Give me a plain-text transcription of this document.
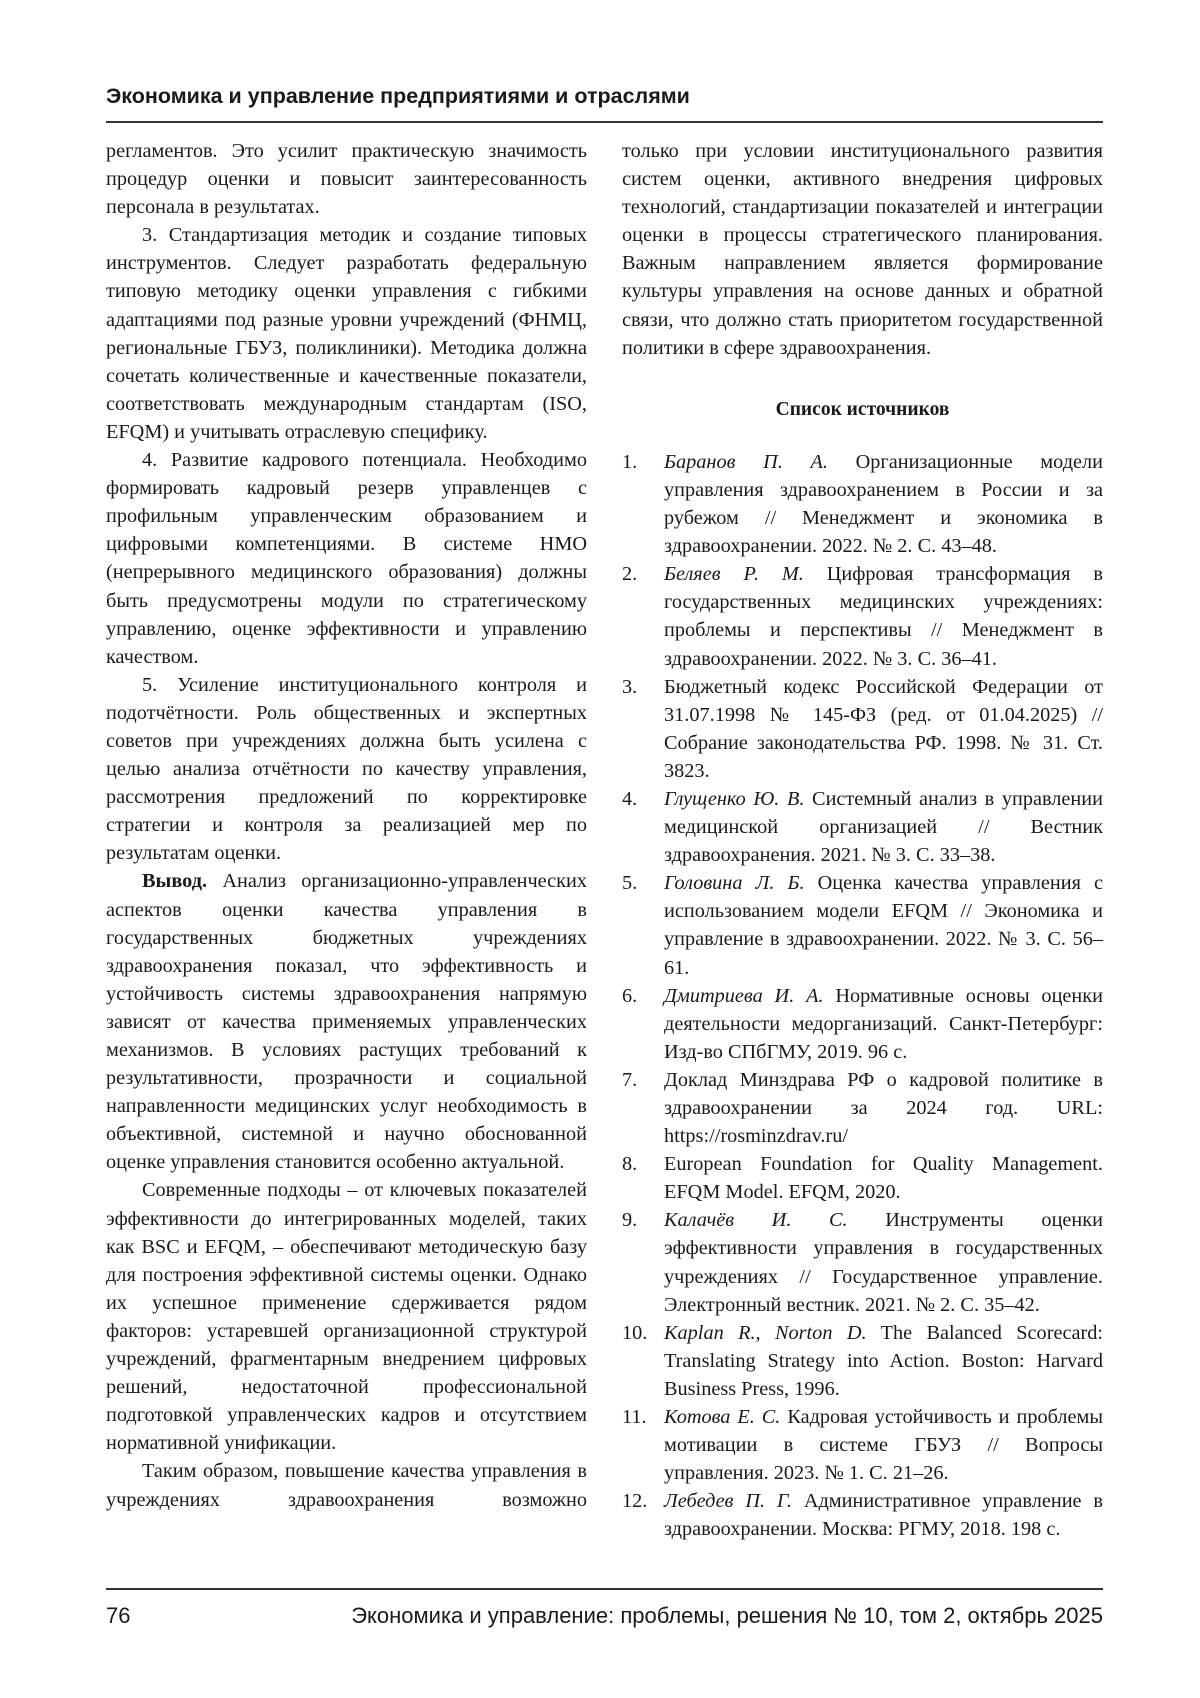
Экономика и управление предприятиями и отраслями

регламентов. Это усилит практическую значимость процедур оценки и повысит заинтересованность персонала в результатах.

3. Стандартизация методик и создание типовых инструментов. Следует разработать федеральную типовую методику оценки управления с гибкими адаптациями под разные уровни учреждений (ФНМЦ, региональные ГБУЗ, поликлиники). Методика должна сочетать количественные и качественные показатели, соответствовать международным стандартам (ISO, EFQM) и учитывать отраслевую специфику.

4. Развитие кадрового потенциала. Необходимо формировать кадровый резерв управленцев с профильным управленческим образованием и цифровыми компетенциями. В системе НМО (непрерывного медицинского образования) должны быть предусмотрены модули по стратегическому управлению, оценке эффективности и управлению качеством.

5. Усиление институционального контроля и подотчётности. Роль общественных и экспертных советов при учреждениях должна быть усилена с целью анализа отчётности по качеству управления, рассмотрения предложений по корректировке стратегии и контроля за реализацией мер по результатам оценки.

Вывод. Анализ организационно-управленческих аспектов оценки качества управления в государственных бюджетных учреждениях здравоохранения показал, что эффективность и устойчивость системы здравоохранения напрямую зависят от качества применяемых управленческих механизмов. В условиях растущих требований к результативности, прозрачности и социальной направленности медицинских услуг необходимость в объективной, системной и научно обоснованной оценке управления становится особенно актуальной.

Современные подходы – от ключевых показателей эффективности до интегрированных моделей, таких как BSC и EFQM, – обеспечивают методическую базу для построения эффективной системы оценки. Однако их успешное применение сдерживается рядом факторов: устаревшей организационной структурой учреждений, фрагментарным внедрением цифровых решений, недостаточной профессиональной подготовкой управленческих кадров и отсутствием нормативной унификации.

Таким образом, повышение качества управления в учреждениях здравоохранения возможно

только при условии институционального развития систем оценки, активного внедрения цифровых технологий, стандартизации показателей и интеграции оценки в процессы стратегического планирования. Важным направлением является формирование культуры управления на основе данных и обратной связи, что должно стать приоритетом государственной политики в сфере здравоохранения.

Список источников

1.	Баранов П. А. Организационные модели управления здравоохранением в России и за рубежом // Менеджмент и экономика в здравоохранении. 2022. № 2. С. 43–48.
2.	Беляев Р. М. Цифровая трансформация в государственных медицинских учреждениях: проблемы и перспективы // Менеджмент в здравоохранении. 2022. № 3. С. 36–41.
3.	Бюджетный кодекс Российской Федерации от 31.07.1998 № 145-ФЗ (ред. от 01.04.2025) // Собрание законодательства РФ. 1998. № 31. Ст. 3823.
4.	Глущенко Ю. В. Системный анализ в управлении медицинской организацией // Вестник здравоохранения. 2021. № 3. С. 33–38.
5.	Головина Л. Б. Оценка качества управления с использованием модели EFQM // Экономика и управление в здравоохранении. 2022. № 3. С. 56–61.
6.	Дмитриева И. А. Нормативные основы оценки деятельности медорганизаций. Санкт-Петербург: Изд-во СПбГМУ, 2019. 96 с.
7.	Доклад Минздрава РФ о кадровой политике в здравоохранении за 2024 год. URL: https://rosminzdrav.ru/
8.	European Foundation for Quality Management. EFQM Model. EFQM, 2020.
9.	Калачёв И. С. Инструменты оценки эффективности управления в государственных учреждениях // Государственное управление. Электронный вестник. 2021. № 2. С. 35–42.
10. Kaplan R., Norton D. The Balanced Scorecard: Translating Strategy into Action. Boston: Harvard Business Press, 1996.
11. Котова Е. С. Кадровая устойчивость и проблемы мотивации в системе ГБУЗ // Вопросы управления. 2023. № 1. С. 21–26.
12. Лебедев П. Г. Административное управление в здравоохранении. Москва: РГМУ, 2018. 198 с.
76	Экономика и управление: проблемы, решения № 10, том 2, октябрь 2025
